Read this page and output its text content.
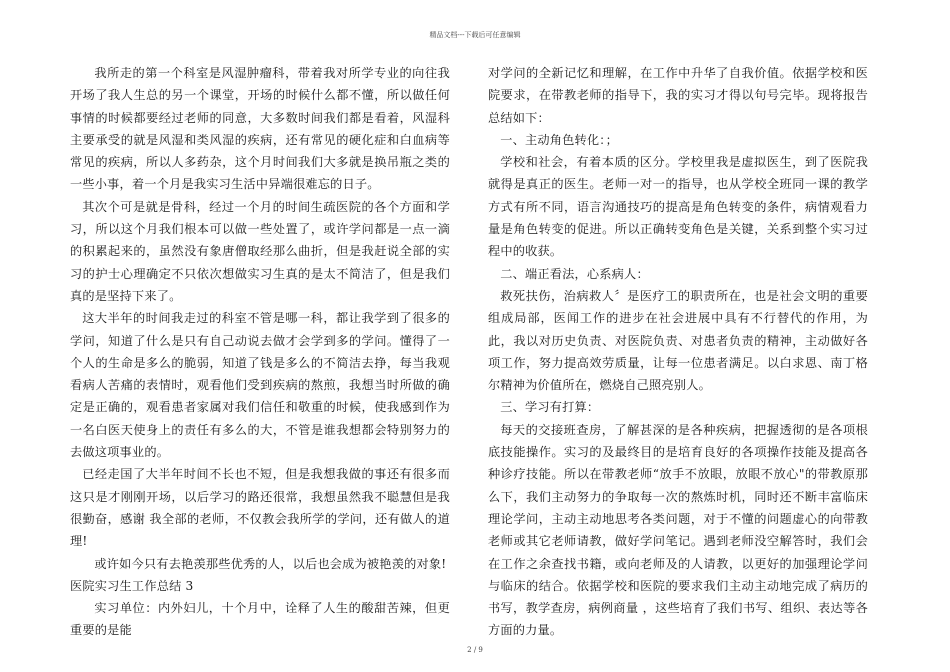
精品文档---下载后可任意编辑

我所走的第一个科室是风湿肿瘤科，带着我对所学专业的向往我开场了我人生总的另一个课堂，开场的时候什么都不懂，所以做任何事情的时候都要经过老师的同意，大多数时间我们都是看着，风湿科主要承受的就是风湿和类风湿的疾病，还有常见的硬化症和白血病等常见的疾病，所以人多药杂，这个月时间我们大多就是换吊瓶之类的一些小事，着一个月是我实习生活中异端很难忘的日子。

其次个可是就是骨科，经过一个月的时间生疏医院的各个方面和学习，所以这个月我们根本可以做一些处置了，或许学问都是一点一滴的积累起来的，虽然没有象唐僧取经那么曲折，但是我赶说全部的实习的护士心理确定不只依次想做实习生真的是太不简洁了，但是我们真的是坚持下来了。

这大半年的时间我走过的科室不管是哪一科，都让我学到了很多的学问，知道了什么是只有自己动说去做才会学到多的学问。懂得了一个人的生命是多么的脆弱，知道了钱是多么的不简洁去挣，每当我观看病人苦痛的表情时，观看他们受到疾病的熬煎，我想当时所做的确定是正确的，观看患者家属对我们信任和敬重的时候，使我感到作为一名白医天使身上的责任有多么的大，不管是谁我想都会特别努力的去做这项事业的。

已经走国了大半年时间不长也不短，但是我想我做的事还有很多而这只是才刚刚开场，以后学习的路还很常，我想虽然我不聪慧但是我很勤奋，感谢 我全部的老师，不仅教会我所学的学问，还有做人的道理!

或许如今只有去艳羡那些优秀的人，以后也会成为被艳羡的对象!

医院实习生工作总结 3

实习单位：内外妇儿，十个月中，诠释了人生的酸甜苦辣，但更重要的是能

对学问的全新记忆和理解，在工作中升华了自我价值。依据学校和医院要求，在带教老师的指导下，我的实习才得以句号完毕。现将报告总结如下：

一、主动角色转化：；

学校和社会，有着本质的区分。学校里我是虚拟医生，到了医院我就得是真正的医生。老师一对一的指导，也从学校全班同一课的教学方式有所不同，语言沟通技巧的提高是角色转变的条件，病情观看力量是角色转变的促进。所以正确转变角色是关键，关系到整个实习过程中的收获。

二、端正看法，心系病人：

救死扶伤，治病救人〞是医疗工的职责所在，也是社会文明的重要组成局部，医闻工作的进步在社会进展中具有不行替代的作用，为此，我以对历史负责、对医院负责、对患者负责的精神，主动做好各项工作，努力提高效劳质量，让每一位患者满足。以白求恩、南丁格尔精神为价值所在，燃烧自己照亮别人。

三、学习有打算：

每天的交接班查房，了解甚深的是各种疾病，把握透彻的是各项根底技能操作。实习的及最终目的是培育良好的各项操作技能及提高各种诊疗技能。所以在带教老师“放手不放眼，放眼不放心"的带教原那么下，我们主动努力的争取每一次的熬炼时机，同时还不断丰富临床理论学问，主动主动地思考各类问题，对于不懂的问题虚心的向带教老师或其它老师请教，做好学问笔记。遇到老师没空解答时，我们会在工作之余查找书籍，或向老师及的人请教，以更好的加强理论学问与临床的结合。依据学校和医院的要求我们主动主动地完成了病历的书写，教学查房，病例商量 ，这些培育了我们书写、组织、表达等各方面的力量。

2 / 9
